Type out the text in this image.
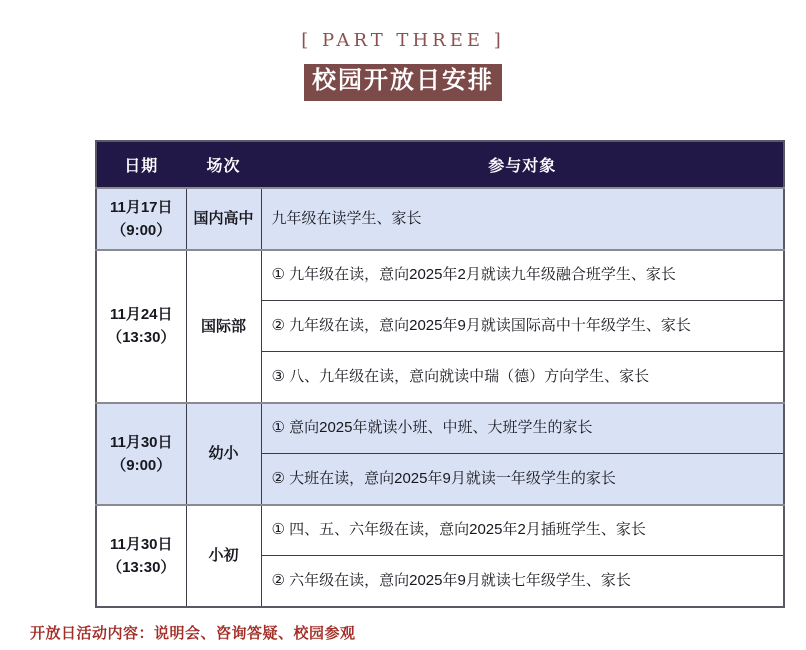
[ PART THREE ]
校园开放日安排
日期	场次	参与对象

11月17日
（9:00）	国内高中	九年级在读学生、家长

11月24日
（13:30）	国际部	① 九年级在读，意向2025年2月就读九年级融合班学生、家长
		② 九年级在读，意向2025年9月就读国际高中十年级学生、家长
		③ 八、九年级在读，意向就读中瑞（德）方向学生、家长

11月30日
（9:00）	幼小	① 意向2025年就读小班、中班、大班学生的家长
		② 大班在读，意向2025年9月就读一年级学生的家长

11月30日
（13:30）	小初	① 四、五、六年级在读，意向2025年2月插班学生、家长
		② 六年级在读，意向2025年9月就读七年级学生、家长
开放日活动内容：说明会、咨询答疑、校园参观
